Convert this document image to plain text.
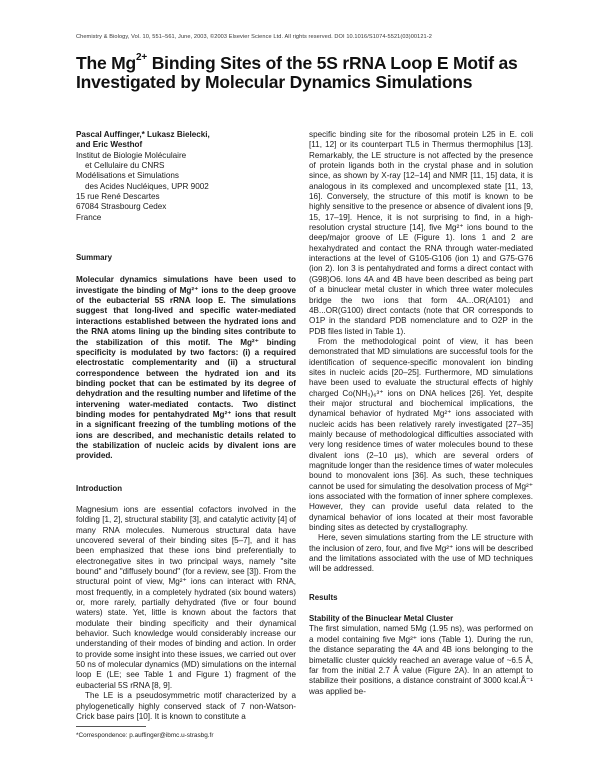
Chemistry & Biology, Vol. 10, 551–561, June, 2003, ©2003 Elsevier Science Ltd. All rights reserved. DOI 10.1016/S1074-5521(03)00121-2
The $Mg^{2+}$ Binding Sites of the 5S rRNA Loop E Motif as Investigated by Molecular Dynamics Simulations

Pascal Auffinger,* Lukasz Bielecki,

and Eric Westhof

Institut de Biologie Moléculaire

et Cellulaire du CNRS

Modélisations et Simulations

des Acides Nucléiques, UPR 9002

15 rue René Descartes

67084 Strasbourg Cedex

France

Summary

Molecular dynamics simulations have been used to investigate the binding of Mg²⁺ ions to the deep groove of the eubacterial 5S rRNA loop E. The simulations suggest that long-lived and specific water-mediated interactions established between the hydrated ions and the RNA atoms lining up the binding sites contribute to the stabilization of this motif. The Mg²⁺ binding specificity is modulated by two factors: (i) a required electrostatic complementarity and (ii) a structural correspondence between the hydrated ion and its binding pocket that can be estimated by its degree of dehydration and the resulting number and lifetime of the intervening water-mediated contacts. Two distinct binding modes for pentahydrated Mg²⁺ ions that result in a significant freezing of the tumbling motions of the ions are described, and mechanistic details related to the stabilization of nucleic acids by divalent ions are provided.

Introduction

Magnesium ions are essential cofactors involved in the folding [1, 2], structural stability [3], and catalytic activity [4] of many RNA molecules. Numerous structural data have uncovered several of their binding sites [5–7], and it has been emphasized that these ions bind preferentially to electronegative sites in two principal ways, namely "site bound" and "diffusely bound" (for a review, see [3]). From the structural point of view, Mg²⁺ ions can interact with RNA, most frequently, in a completely hydrated (six bound waters) or, more rarely, partially dehydrated (five or four bound waters) state. Yet, little is known about the factors that modulate their binding specificity and their dynamical behavior. Such knowledge would considerably increase our understanding of their modes of binding and action. In order to provide some insight into these issues, we carried out over 50 ns of molecular dynamics (MD) simulations on the internal loop E (LE; see Table 1 and Figure 1) fragment of the eubacterial 5S rRNA [8, 9].

The LE is a pseudosymmetric motif characterized by a phylogenetically highly conserved stack of 7 non-Watson-Crick base pairs [10]. It is known to constitute a

specific binding site for the ribosomal protein L25 in E. coli [11, 12] or its counterpart TL5 in Thermus thermophilus [13]. Remarkably, the LE structure is not affected by the presence of protein ligands both in the crystal phase and in solution since, as shown by X-ray [12–14] and NMR [11, 15] data, it is analogous in its complexed and uncomplexed state [11, 13, 16]. Conversely, the structure of this motif is known to be highly sensitive to the presence or absence of divalent ions [9, 15, 17–19]. Hence, it is not surprising to find, in a high-resolution crystal structure [14], five Mg²⁺ ions bound to the deep/major groove of LE (Figure 1). Ions 1 and 2 are hexahydrated and contact the RNA through water-mediated interactions at the level of G105-G106 (ion 1) and G75-G76 (ion 2). Ion 3 is pentahydrated and forms a direct contact with (G98)O6. Ions 4A and 4B have been described as being part of a binuclear metal cluster in which three water molecules bridge the two ions that form 4A...OR(A101) and 4B...OR(G100) direct contacts (note that OR corresponds to O1P in the standard PDB nomenclature and to O2P in the PDB files listed in Table 1).

From the methodological point of view, it has been demonstrated that MD simulations are successful tools for the identification of sequence-specific monovalent ion binding sites in nucleic acids [20–25]. Furthermore, MD simulations have been used to evaluate the structural effects of highly charged Co(NH₃)₆³⁺ ions on DNA helices [26]. Yet, despite their major structural and biochemical implications, the dynamical behavior of hydrated Mg²⁺ ions associated with nucleic acids has been relatively rarely investigated [27–35] mainly because of methodological difficulties associated with very long residence times of water molecules bound to these divalent ions (2–10 µs), which are several orders of magnitude longer than the residence times of water molecules bound to monovalent ions [36]. As such, these techniques cannot be used for simulating the desolvation process of Mg²⁺ ions associated with the formation of inner sphere complexes. However, they can provide useful data related to the dynamical behavior of ions located at their most favorable binding sites as detected by crystallography.

Here, seven simulations starting from the LE structure with the inclusion of zero, four, and five Mg²⁺ ions will be described and the limitations associated with the use of MD techniques will be addressed.

Results
Stability of the Binuclear Metal Cluster

The first simulation, named 5Mg (1.95 ns), was performed on a model containing five Mg²⁺ ions (Table 1). During the run, the distance separating the 4A and 4B ions belonging to the bimetallic cluster quickly reached an average value of ~6.5 Å, far from the initial 2.7 Å value (Figure 2A). In an attempt to stabilize their positions, a distance constraint of 3000 kcal.Å⁻¹ was applied be-

*Correspondence: p.auffinger@ibmc.u-strasbg.fr
